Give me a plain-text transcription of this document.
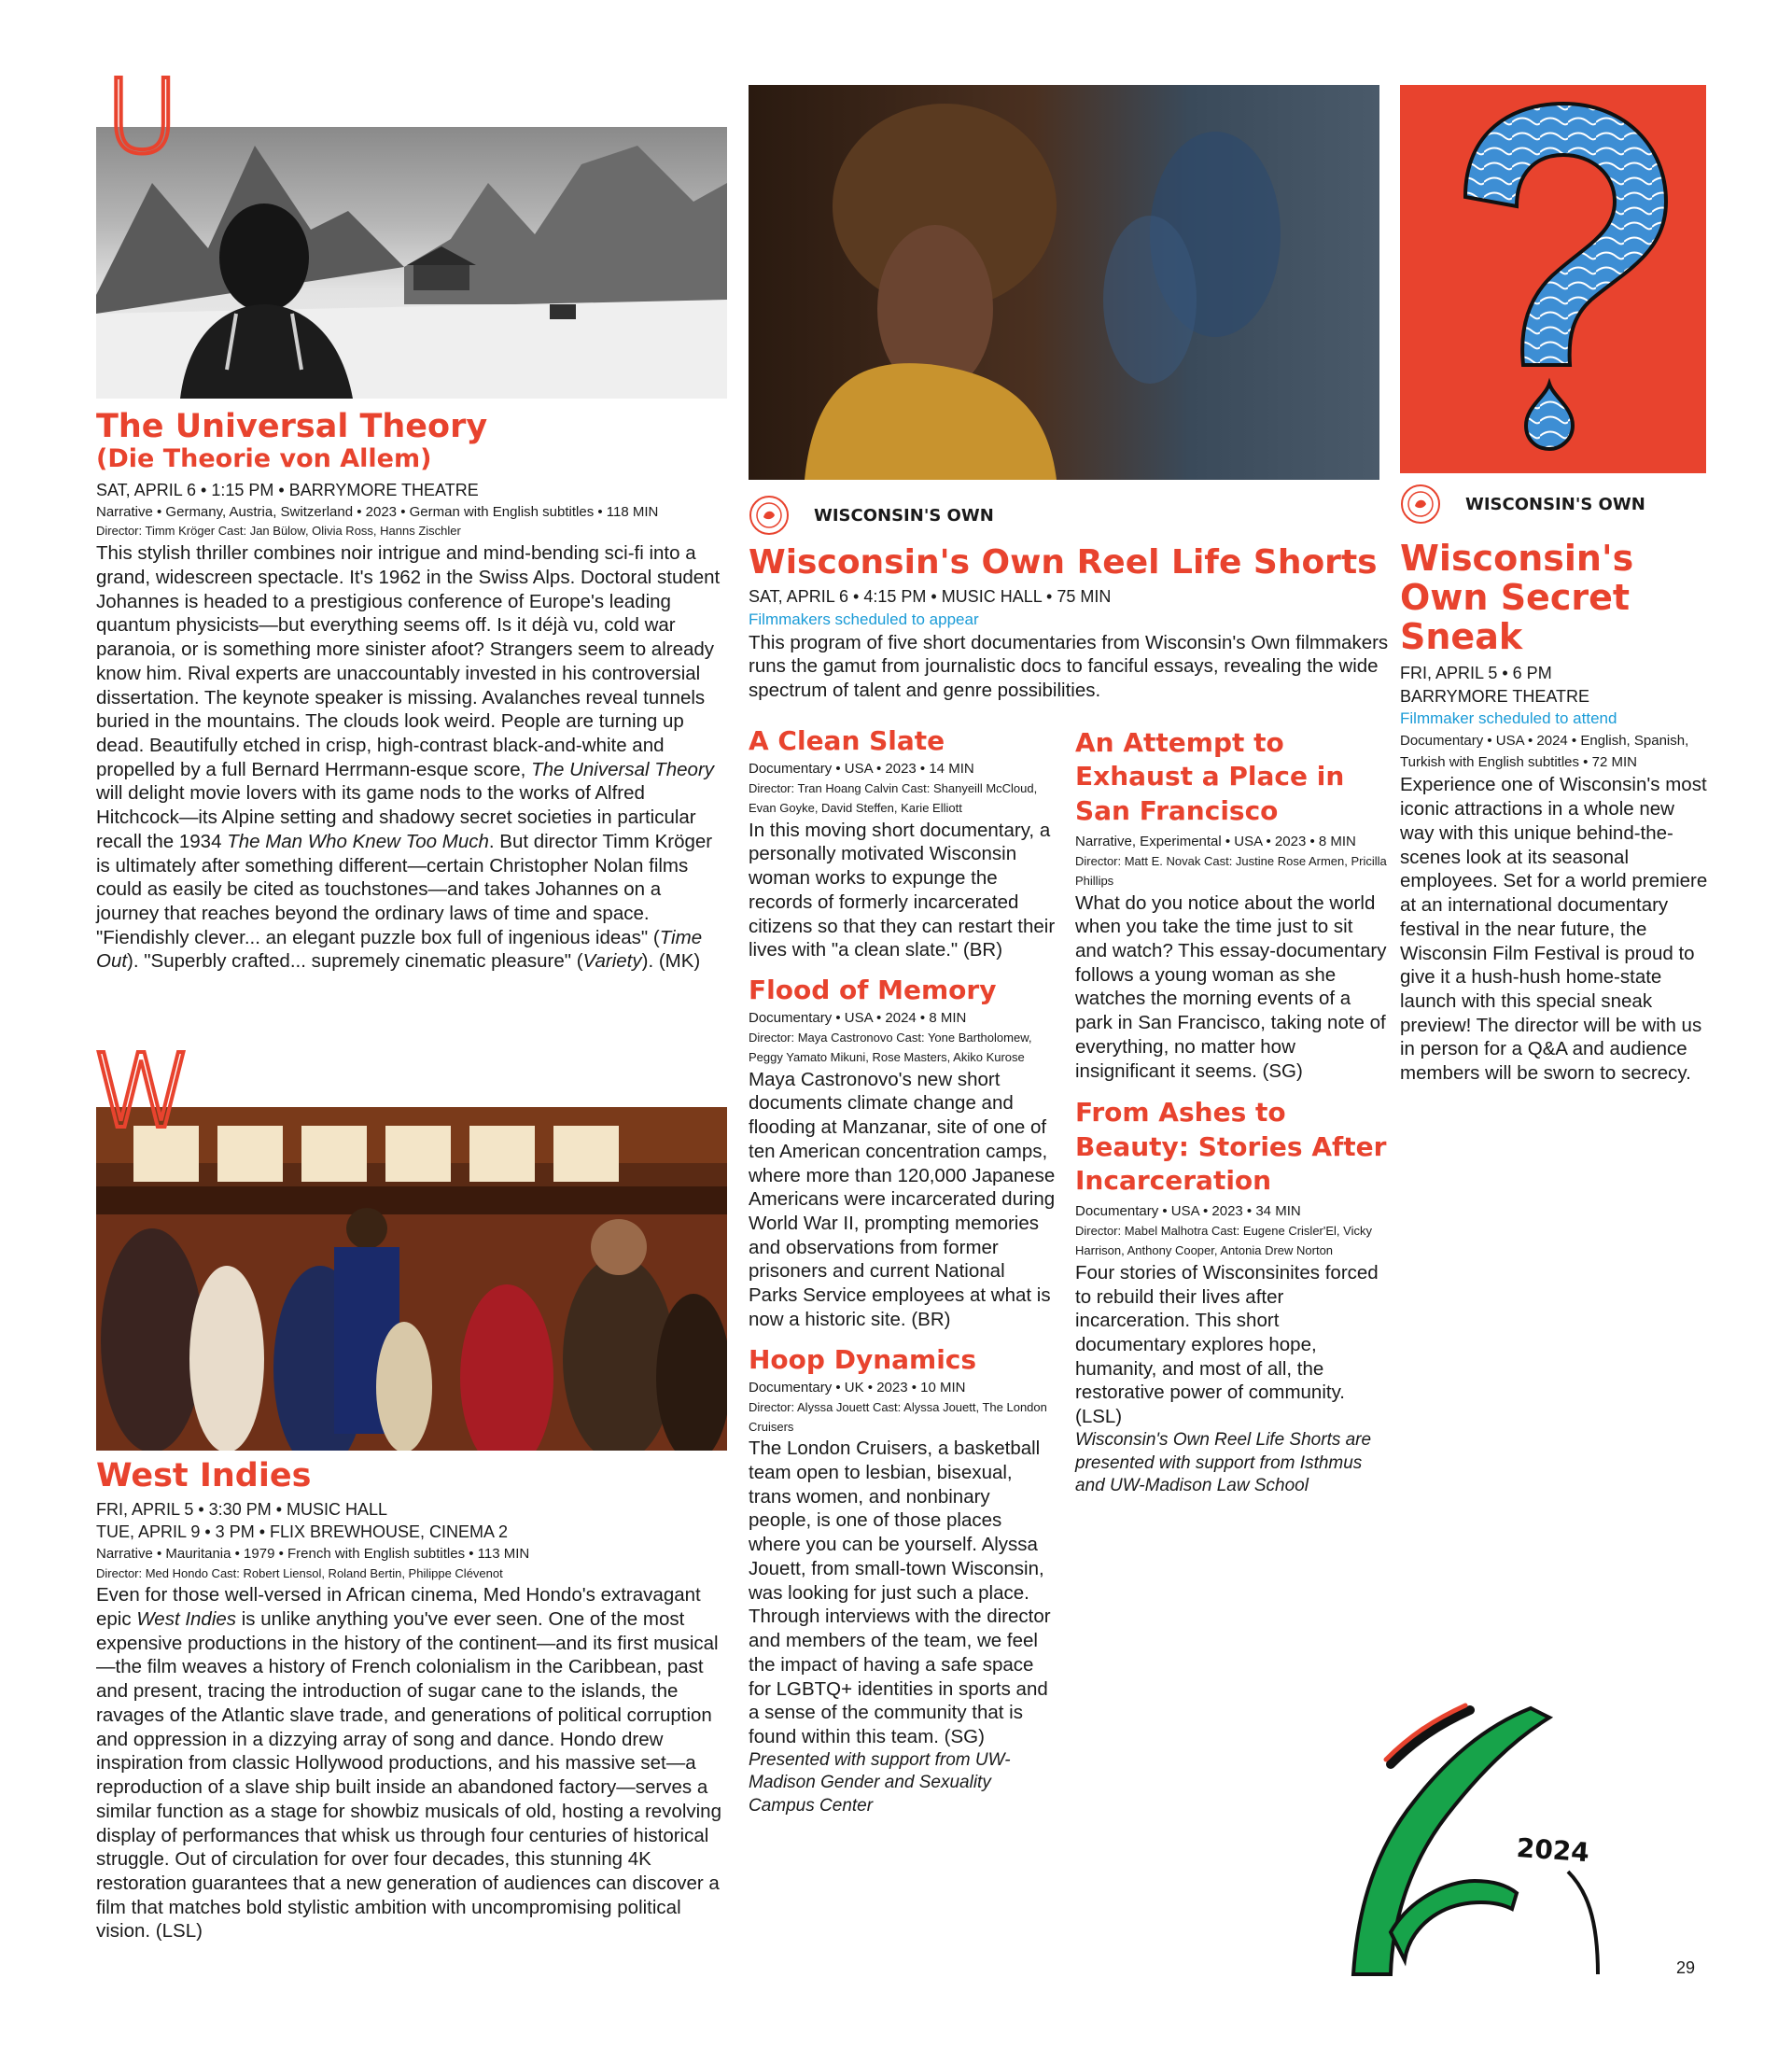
U
The Universal Theory
(Die Theorie von Allem)

SAT, APRIL 6 • 1:15 PM • BARRYMORE THEATRE

Narrative • Germany, Austria, Switzerland • 2023 • German with English subtitles • 118 MIN

Director: Timm Kröger Cast: Jan Bülow, Olivia Ross, Hanns Zischler

This stylish thriller combines noir intrigue and mind-bending sci-fi into a grand, widescreen spectacle. It's 1962 in the Swiss Alps. Doctoral student Johannes is headed to a prestigious conference of Europe's leading quantum physicists—but everything seems off. Is it déjà vu, cold war paranoia, or is something more sinister afoot? Strangers seem to already know him. Rival experts are unaccountably invested in his controversial dissertation. The keynote speaker is missing. Avalanches reveal tunnels buried in the mountains. The clouds look weird. People are turning up dead. Beautifully etched in crisp, high-contrast black-and-white and propelled by a full Bernard Herrmann-esque score, The Universal Theory will delight movie lovers with its game nods to the works of Alfred Hitchcock—its Alpine setting and shadowy secret societies in particular recall the 1934 The Man Who Knew Too Much. But director Timm Kröger is ultimately after something different—certain Christopher Nolan films could as easily be cited as touchstones—and takes Johannes on a journey that reaches beyond the ordinary laws of time and space. "Fiendishly clever... an elegant puzzle box full of ingenious ideas" (Time Out). "Superbly crafted... supremely cinematic pleasure" (Variety). (MK)

W
West Indies

FRI, APRIL 5 • 3:30 PM • MUSIC HALL

TUE, APRIL 9 • 3 PM • FLIX BREWHOUSE, CINEMA 2

Narrative • Mauritania • 1979 • French with English subtitles • 113 MIN

Director: Med Hondo Cast: Robert Liensol, Roland Bertin, Philippe Clévenot

Even for those well-versed in African cinema, Med Hondo's extravagant epic West Indies is unlike anything you've ever seen. One of the most expensive productions in the history of the continent—and its first musical—the film weaves a history of French colonialism in the Caribbean, past and present, tracing the introduction of sugar cane to the islands, the ravages of the Atlantic slave trade, and generations of political corruption and oppression in a dizzying array of song and dance. Hondo drew inspiration from classic Hollywood productions, and his massive set—a reproduction of a slave ship built inside an abandoned factory—serves a similar function as a stage for showbiz musicals of old, hosting a revolving display of performances that whisk us through four centuries of historical struggle. Out of circulation for over four decades, this stunning 4K restoration guarantees that a new generation of audiences can discover a film that matches bold stylistic ambition with uncompromising political vision. (LSL)

WISCONSIN'S OWN
Wisconsin's Own Reel Life Shorts

SAT, APRIL 6 • 4:15 PM • MUSIC HALL • 75 MIN

Filmmakers scheduled to appear

This program of five short documentaries from Wisconsin's Own filmmakers runs the gamut from journalistic docs to fanciful essays, revealing the wide spectrum of talent and genre possibilities.

A Clean Slate

Documentary • USA • 2023 • 14 MIN

Director: Tran Hoang Calvin Cast: Shanyeill McCloud, Evan Goyke, David Steffen, Karie Elliott

In this moving short documentary, a personally motivated Wisconsin woman works to expunge the records of formerly incarcerated citizens so that they can restart their lives with "a clean slate." (BR)

Flood of Memory

Documentary • USA • 2024 • 8 MIN

Director: Maya Castronovo Cast: Yone Bartholomew, Peggy Yamato Mikuni, Rose Masters, Akiko Kurose

Maya Castronovo's new short documents climate change and flooding at Manzanar, site of one of ten American concentration camps, where more than 120,000 Japanese Americans were incarcerated during World War II, prompting memories and observations from former prisoners and current National Parks Service employees at what is now a historic site. (BR)

Hoop Dynamics

Documentary • UK • 2023 • 10 MIN

Director: Alyssa Jouett Cast: Alyssa Jouett, The London Cruisers

The London Cruisers, a basketball team open to lesbian, bisexual, trans women, and nonbinary people, is one of those places where you can be yourself. Alyssa Jouett, from small-town Wisconsin, was looking for just such a place. Through interviews with the director and members of the team, we feel the impact of having a safe space for LGBTQ+ identities in sports and a sense of the community that is found within this team. (SG)

Presented with support from UW-Madison Gender and Sexuality Campus Center

An Attempt to Exhaust a Place in San Francisco

Narrative, Experimental • USA • 2023 • 8 MIN

Director: Matt E. Novak Cast: Justine Rose Armen, Pricilla Phillips

What do you notice about the world when you take the time just to sit and watch? This essay-documentary follows a young woman as she watches the morning events of a park in San Francisco, taking note of everything, no matter how insignificant it seems. (SG)

From Ashes to Beauty: Stories After Incarceration

Documentary • USA • 2023 • 34 MIN

Director: Mabel Malhotra Cast: Eugene Crisler'El, Vicky Harrison, Anthony Cooper, Antonia Drew Norton

Four stories of Wisconsinites forced to rebuild their lives after incarceration. This short documentary explores hope, humanity, and most of all, the restorative power of community. (LSL)

Wisconsin's Own Reel Life Shorts are presented with support from Isthmus and UW-Madison Law School

WISCONSIN'S OWN
Wisconsin's Own Secret Sneak

FRI, APRIL 5 • 6 PM

BARRYMORE THEATRE

Filmmaker scheduled to attend

Documentary • USA • 2024 • English, Spanish, Turkish with English subtitles • 72 MIN

Experience one of Wisconsin's most iconic attractions in a whole new way with this unique behind-the-scenes look at its seasonal employees. Set for a world premiere at an international documentary festival in the near future, the Wisconsin Film Festival is proud to give it a hush-hush home-state launch with this special sneak preview! The director will be with us in person for a Q&A and audience members will be sworn to secrecy.

2024
29
